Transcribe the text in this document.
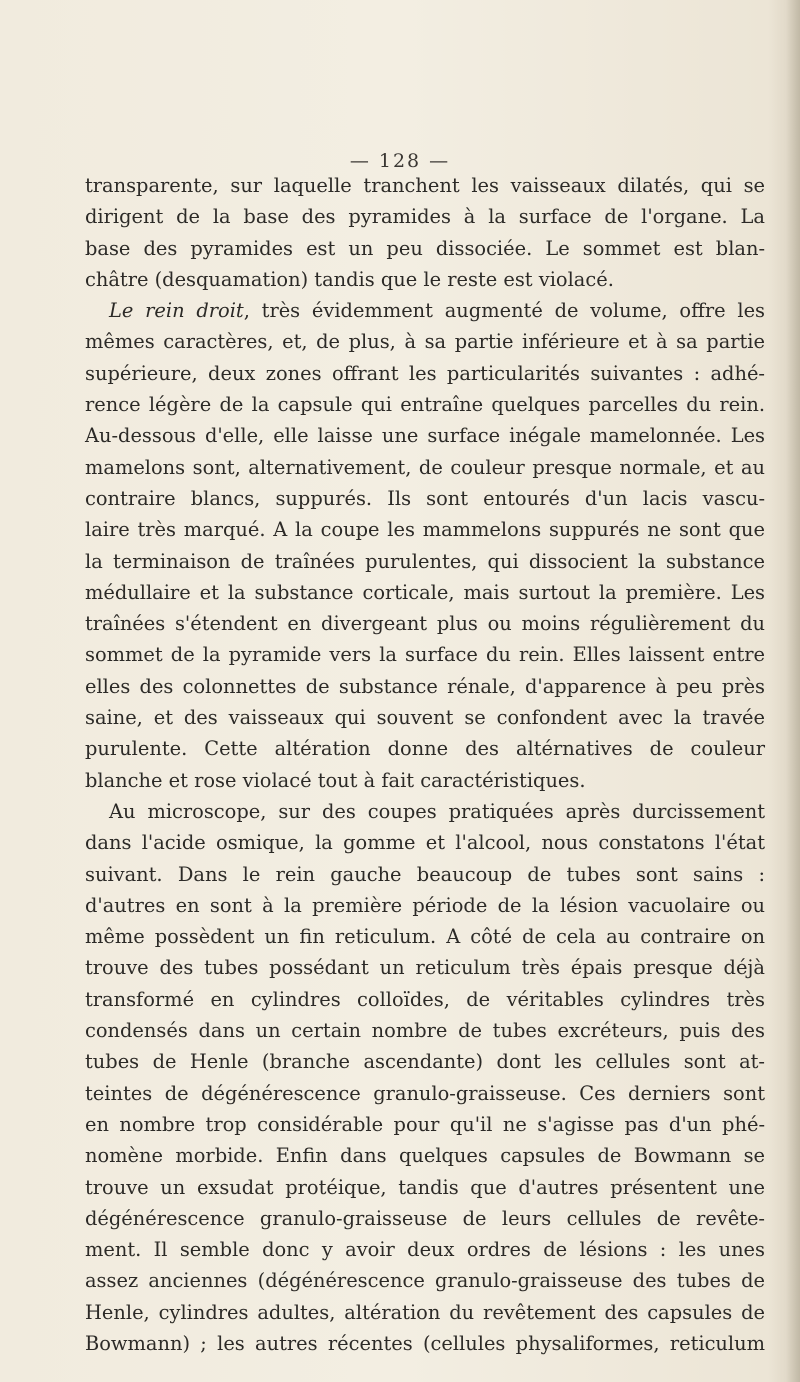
— 128 —
transparente, sur laquelle tranchent les vaisseaux dilatés, qui se
dirigent de la base des pyramides à la surface de l'organe. La
base des pyramides est un peu dissociée. Le sommet est blan-
châtre (desquamation) tandis que le reste est violacé.
Le rein droit, très évidemment augmenté de volume, offre les
mêmes caractères, et, de plus, à sa partie inférieure et à sa partie
supérieure, deux zones offrant les particularités suivantes : adhé-
rence légère de la capsule qui entraîne quelques parcelles du rein.
Au-dessous d'elle, elle laisse une surface inégale mamelonnée. Les
mamelons sont, alternativement, de couleur presque normale, et au
contraire blancs, suppurés. Ils sont entourés d'un lacis vascu-
laire très marqué. A la coupe les mammelons suppurés ne sont que
la terminaison de traînées purulentes, qui dissocient la substance
médullaire et la substance corticale, mais surtout la première. Les
traînées s'étendent en divergeant plus ou moins régulièrement du
sommet de la pyramide vers la surface du rein. Elles laissent entre
elles des colonnettes de substance rénale, d'apparence à peu près
saine, et des vaisseaux qui souvent se confondent avec la travée
purulente. Cette altération donne des altérnatives de couleur
blanche et rose violacé tout à fait caractéristiques.
Au microscope, sur des coupes pratiquées après durcissement
dans l'acide osmique, la gomme et l'alcool, nous constatons l'état
suivant. Dans le rein gauche beaucoup de tubes sont sains :
d'autres en sont à la première période de la lésion vacuolaire ou
même possèdent un fin reticulum. A côté de cela au contraire on
trouve des tubes possédant un reticulum très épais presque déjà
transformé en cylindres colloïdes, de véritables cylindres très
condensés dans un certain nombre de tubes excréteurs, puis des
tubes de Henle (branche ascendante) dont les cellules sont at-
teintes de dégénérescence granulo-graisseuse. Ces derniers sont
en nombre trop considérable pour qu'il ne s'agisse pas d'un phé-
nomène morbide. Enfin dans quelques capsules de Bowmann se
trouve un exsudat protéique, tandis que d'autres présentent une
dégénérescence granulo-graisseuse de leurs cellules de revête-
ment. Il semble donc y avoir deux ordres de lésions : les unes
assez anciennes (dégénérescence granulo-graisseuse des tubes de
Henle, cylindres adultes, altération du revêtement des capsules de
Bowmann) ; les autres récentes (cellules physaliformes, reticulum
